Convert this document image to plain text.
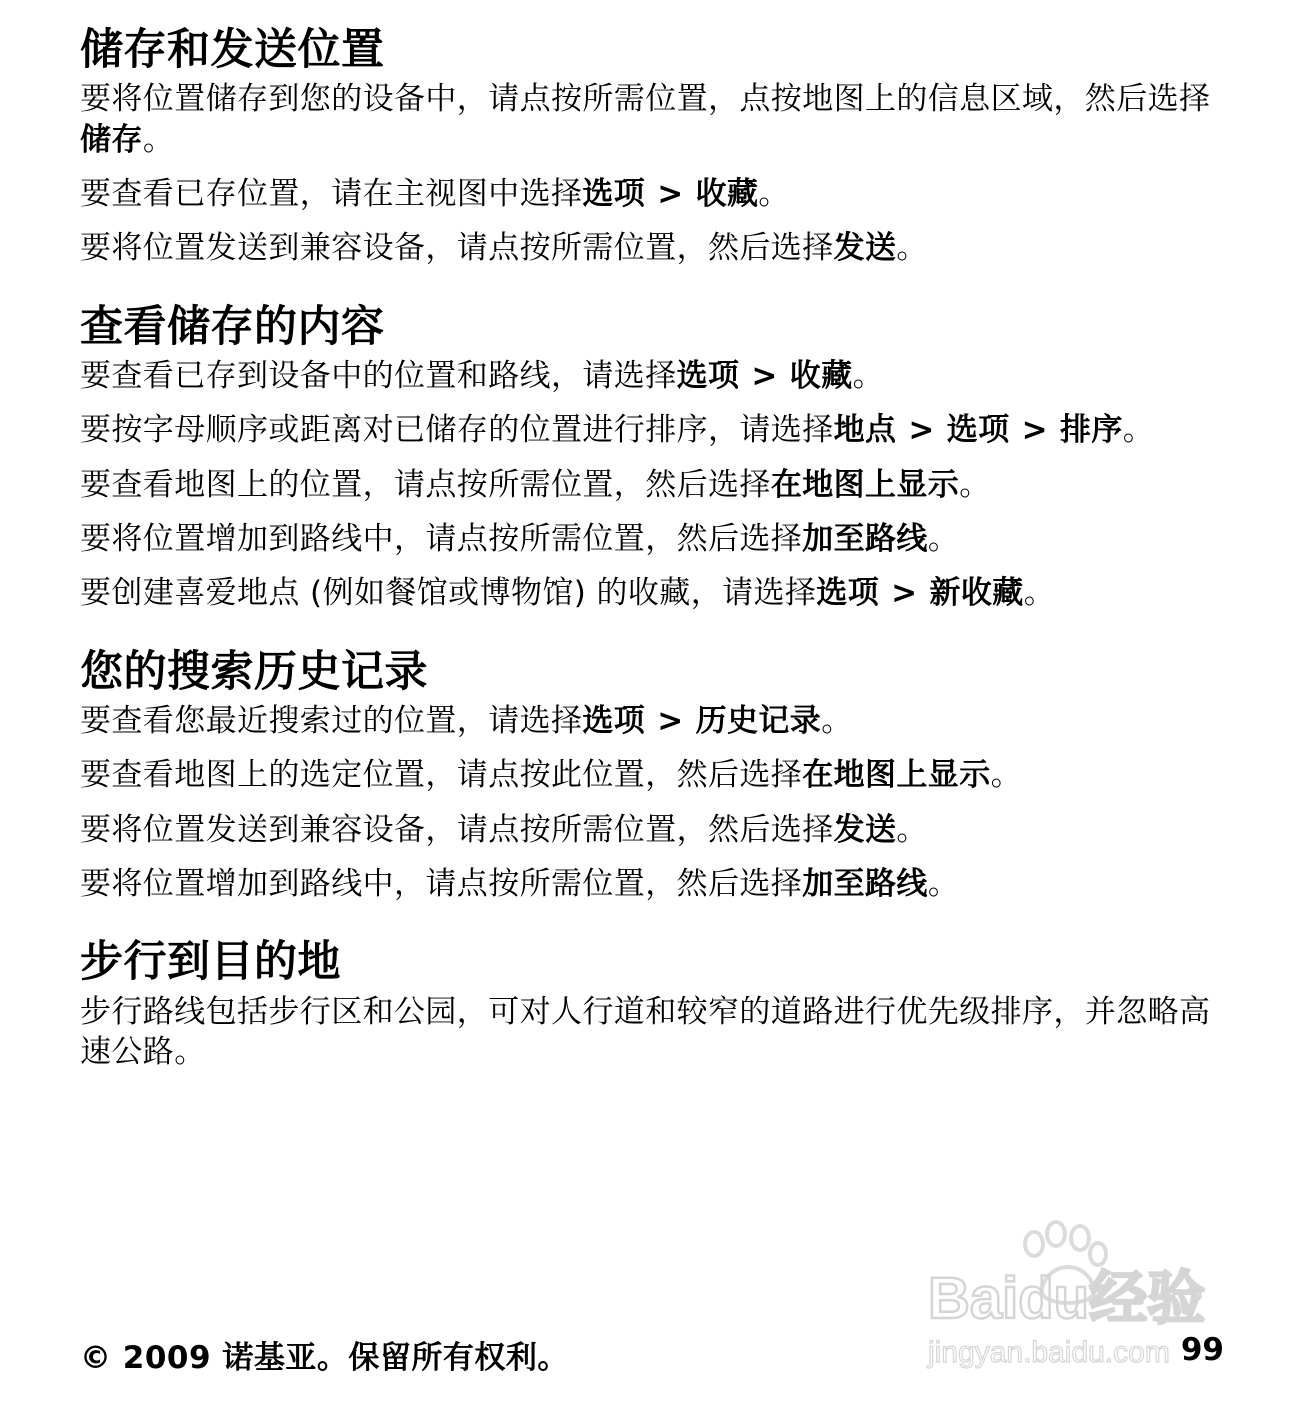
储存和发送位置

要将位置储存到您的设备中，请点按所需位置，点按地图上的信息区域，然后选择储存。

要查看已存位置，请在主视图中选择选项 > 收藏。

要将位置发送到兼容设备，请点按所需位置，然后选择发送。

查看储存的内容

要查看已存到设备中的位置和路线，请选择选项 > 收藏。

要按字母顺序或距离对已储存的位置进行排序，请选择地点 > 选项 > 排序。

要查看地图上的位置，请点按所需位置，然后选择在地图上显示。

要将位置增加到路线中，请点按所需位置，然后选择加至路线。

要创建喜爱地点 (例如餐馆或博物馆) 的收藏，请选择选项 > 新收藏。

您的搜索历史记录

要查看您最近搜索过的位置，请选择选项 > 历史记录。

要查看地图上的选定位置，请点按此位置，然后选择在地图上显示。

要将位置发送到兼容设备，请点按所需位置，然后选择发送。

要将位置增加到路线中，请点按所需位置，然后选择加至路线。

步行到目的地

步行路线包括步行区和公园，可对人行道和较窄的道路进行优先级排序，并忽略高速公路。

Baidu经验
jingyan.baidu.com
© 2009 诺基亚。保留所有权利。	99
